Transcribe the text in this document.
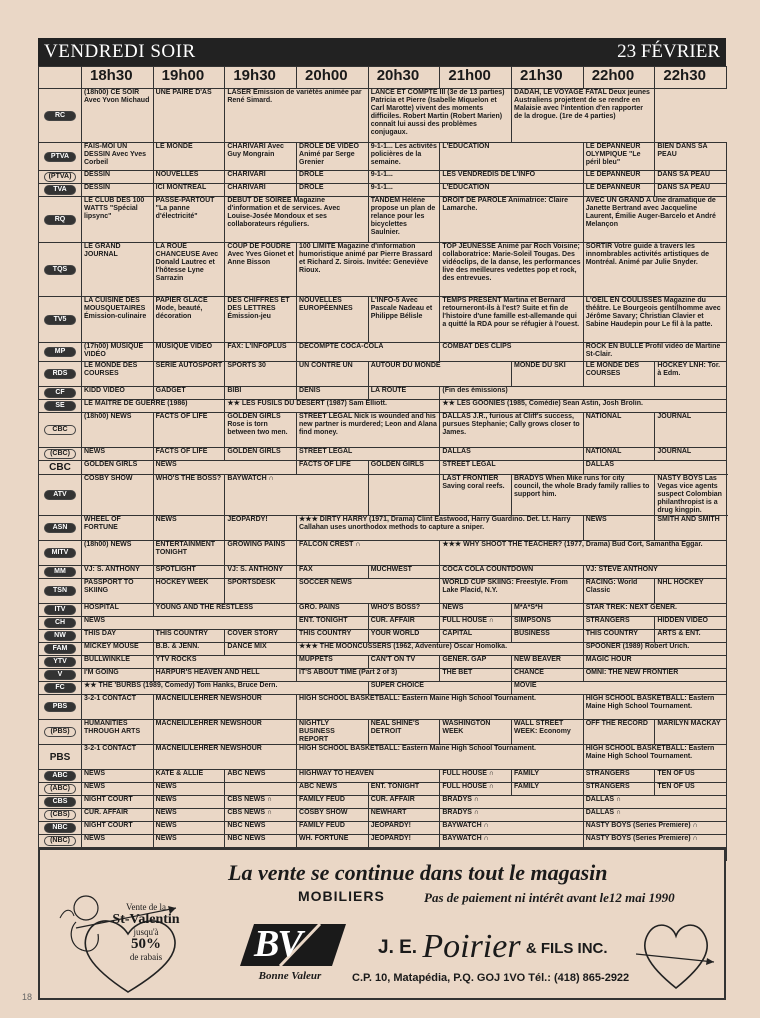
VENDREDI SOIR	23 FÉVRIER
	18h30	19h00	19h30	20h00	20h30	21h00	21h30	22h00	22h30
RC	(18h00) CE SOIR Avec Yvon Michaud	UNE PAIRE D'AS	LASER Émission de variétés animée par René Simard.		LANCE ET COMPTE III (3e de 13 parties) Patricia et Pierre (Isabelle Miquelon et Carl Marotte) vivent des moments difficiles. Robert Martin (Robert Marien) connaît lui aussi des problèmes conjugaux.		DADAH, LE VOYAGE FATAL Deux jeunes Australiens projettent de se rendre en Malaisie avec l'intention d'en rapporter de la drogue. (1re de 4 parties)		

PTVA	FAIS-MOI UN DESSIN Avec Yves Corbeil	LE MONDE	CHARIVARI Avec Guy Mongrain	DROLE DE VIDÉO Animé par Serge Grenier	9-1-1... Les activités policières de la semaine.	L'ÉDUCATION		LE DÉPANNEUR OLYMPIQUE "Le péril bleu"	BIEN DANS SA PEAU

(PTVA)	DESSIN	NOUVELLES	CHARIVARI	DROLE	9-1-1...	LES VENDREDIS DE L'INFO		LE DÉPANNEUR	DANS SA PEAU

TVA	DESSIN	ICI MONTRÉAL	CHARIVARI	DROLE	9-1-1...	L'ÉDUCATION		LE DÉPANNEUR	DANS SA PEAU

RQ	LE CLUB DES 100 WATTS "Spécial lipsync"	PASSE-PARTOUT "La panne d'électricité"	DÉBUT DE SOIRÉE Magazine d'information et de services. Avec Louise-Josée Mondoux et ses collaborateurs réguliers.		TANDEM Hélène propose un plan de relance pour les bicyclettes Saulnier.	DROIT DE PAROLE Animatrice: Claire Lamarche.		AVEC UN GRAND A Une dramatique de Janette Bertrand avec Jacqueline Laurent, Émilie Auger-Barcelo et André Melançon	

TQS	LE GRAND JOURNAL	LA ROUE CHANCEUSE Avec Donald Lautrec et l'hôtesse Lyne Sarrazin	COUP DE FOUDRE Avec Yves Gionet et Anne Bisson	100 LIMITE Magazine d'information humoristique animé par Pierre Brassard et Richard Z. Sirois. Invitée: Geneviève Rioux.		TOP JEUNESSE Animé par Roch Voisine; collaboratrice: Marie-Soleil Tougas. Des vidéoclips, de la danse, les performances live des meilleures vedettes pop et rock, des entrevues.		SORTIR Votre guide à travers les innombrables activités artistiques de Montréal. Animé par Julie Snyder.	

TV5	LA CUISINE DES MOUSQUETAIRES Émission-culinaire	PAPIER GLACÉ Mode, beauté, décoration	DES CHIFFRES ET DES LETTRES Émission-jeu	NOUVELLES EUROPÉENNES	L'INFO-5 Avec Pascale Nadeau et Philippe Bélisle	TEMPS PRÉSENT Martina et Bernard retourneront-ils à l'est? Suite et fin de l'histoire d'une famille est-allemande qui a quitté la RDA pour se réfugier à l'ouest.		L'OEIL EN COULISSES Magazine du théâtre. Le Bourgeois gentilhomme avec Jérôme Savary; Christian Clavier et Sabine Haudepin pour Le fil à la patte.	

MP	(17h00) MUSIQUE VIDÉO	MUSIQUE VIDÉO	FAX: L'INFOPLUS	DÉCOMPTE COCA-COLA		COMBAT DES CLIPS		ROCK EN BULLE Profil vidéo de Martine St-Clair.	

RDS	LE MONDE DES COURSES	SÉRIE AUTOSPORT	SPORTS 30	UN CONTRE UN	AUTOUR DU MONDE		MONDE DU SKI	LE MONDE DES COURSES	HOCKEY LNH: Tor. à Edm.

CF	KIDD VIDÉO	GADGET	BIBI	DENIS	LA ROUTE	(Fin des émissions)			

SE	LE MAITRE DE GUERRE (1986)		★★ LES FUSILS DU DÉSERT (1987) Sam Elliott.			★★ LES GOONIES (1985, Comédie) Sean Astin, Josh Brolin.			

CBC	(18h00) NEWS	FACTS OF LIFE	GOLDEN GIRLS Rose is torn between two men.	STREET LEGAL Nick is wounded and his new partner is murdered; Leon and Alana find money.		DALLAS J.R., furious at Cliff's success, pursues Stephanie; Cally grows closer to James.		NATIONAL	JOURNAL

(CBC)	NEWS	FACTS OF LIFE	GOLDEN GIRLS	STREET LEGAL		DALLAS		NATIONAL	JOURNAL

CBC	GOLDEN GIRLS	NEWS		FACTS OF LIFE	GOLDEN GIRLS	STREET LEGAL		DALLAS	

ATV	COSBY SHOW	WHO'S THE BOSS?	BAYWATCH ∩			LAST FRONTIER Saving coral reefs.	BRADYS When Mike runs for city council, the whole Brady family rallies to support him.		NASTY BOYS Las Vegas vice agents suspect Colombian philanthropist is a drug kingpin.

ASN	WHEEL OF FORTUNE	NEWS	JEOPARDY!	★★★ DIRTY HARRY (1971, Drama) Clint Eastwood, Harry Guardino. Det. Lt. Harry Callahan uses unorthodox methods to capture a sniper.				NEWS	SMITH AND SMITH

MITV	(18h00) NEWS	ENTERTAINMENT TONIGHT	GROWING PAINS	FALCON CREST ∩		★★★ WHY SHOOT THE TEACHER? (1977, Drama) Bud Cort, Samantha Eggar.			

MM	VJ: S. ANTHONY	SPOTLIGHT	VJ: S. ANTHONY	FAX	MUCHWEST	COCA COLA COUNTDOWN		VJ: STEVE ANTHONY	

TSN	PASSPORT TO SKIING	HOCKEY WEEK	SPORTSDESK	SOCCER NEWS		WORLD CUP SKIING: Freestyle. From Lake Placid, N.Y.		RACING: World Classic	NHL HOCKEY

ITV	HOSPITAL	YOUNG AND THE RESTLESS		GRO. PAINS	WHO'S BOSS?	NEWS	M*A*S*H	STAR TREK: NEXT GENER.	

CH	NEWS			ENT. TONIGHT	CUR. AFFAIR	FULL HOUSE ∩	SIMPSONS	STRANGERS	HIDDEN VIDEO

NW	THIS DAY	THIS COUNTRY	COVER STORY	THIS COUNTRY	YOUR WORLD	CAPITAL	BUSINESS	THIS COUNTRY	ARTS & ENT.

FAM	MICKEY MOUSE	B.B. & JENN.	DANCE MIX	★★★ THE MOONCUSSERS (1962, Adventure) Oscar Homolka.				SPOONER (1989) Robert Urich.	

YTV	BULLWINKLE	YTV ROCKS		MUPPETS	CAN'T ON TV	GENER. GAP	NEW BEAVER	MAGIC HOUR	

V	I'M GOING	HARPUR'S HEAVEN AND HELL		IT'S ABOUT TIME (Part 2 of 3)		THE BET	CHANCE	OMNI: THE NEW FRONTIER	

FC	★★ THE 'BURBS (1989, Comedy) Tom Hanks, Bruce Dern.				SUPER CHOICE		MOVIE		

PBS	3-2-1 CONTACT	MACNEIL/LEHRER NEWSHOUR		HIGH SCHOOL BASKETBALL: Eastern Maine High School Tournament.				HIGH SCHOOL BASKETBALL: Eastern Maine High School Tournament.	

(PBS)	HUMANITIES THROUGH ARTS	MACNEIL/LEHRER NEWSHOUR		NIGHTLY BUSINESS REPORT	NEAL SHINE'S DETROIT	WASHINGTON WEEK	WALL STREET WEEK: Economy	OFF THE RECORD	MARILYN MACKAY

PBS	3-2-1 CONTACT	MACNEIL/LEHRER NEWSHOUR		HIGH SCHOOL BASKETBALL: Eastern Maine High School Tournament.				HIGH SCHOOL BASKETBALL: Eastern Maine High School Tournament.	

ABC	NEWS	KATE & ALLIE	ABC NEWS	HIGHWAY TO HEAVEN		FULL HOUSE ∩	FAMILY	STRANGERS	TEN OF US

(ABC)	NEWS	NEWS		ABC NEWS	ENT. TONIGHT	FULL HOUSE ∩	FAMILY	STRANGERS	TEN OF US

CBS	NIGHT COURT	NEWS	CBS NEWS ∩	FAMILY FEUD	CUR. AFFAIR	BRADYS ∩		DALLAS ∩	

(CBS)	CUR. AFFAIR	NEWS	CBS NEWS ∩	COSBY SHOW	NEWHART	BRADYS ∩		DALLAS ∩	

NBC	NIGHT COURT	NEWS	NBC NEWS	FAMILY FEUD	JEOPARDY!	BAYWATCH ∩		NASTY BOYS (Series Premiere) ∩	

(NBC)	NEWS	NEWS	NBC NEWS	WH. FORTUNE	JEOPARDY!	BAYWATCH ∩		NASTY BOYS (Series Premiere) ∩	

La vente se continue dans tout le magasin
MOBILIERS	Pas de paiement ni intérêt avant le12 mai 1990
Vente de la

St-Valentin
jusqu'à
50%
de rabais	BV
Bonne Valeur
J. E. Poirier & FILS INC.
C.P. 10, Matapédia, P.Q. GOJ 1VO Tél.: (418) 865-2922
18
